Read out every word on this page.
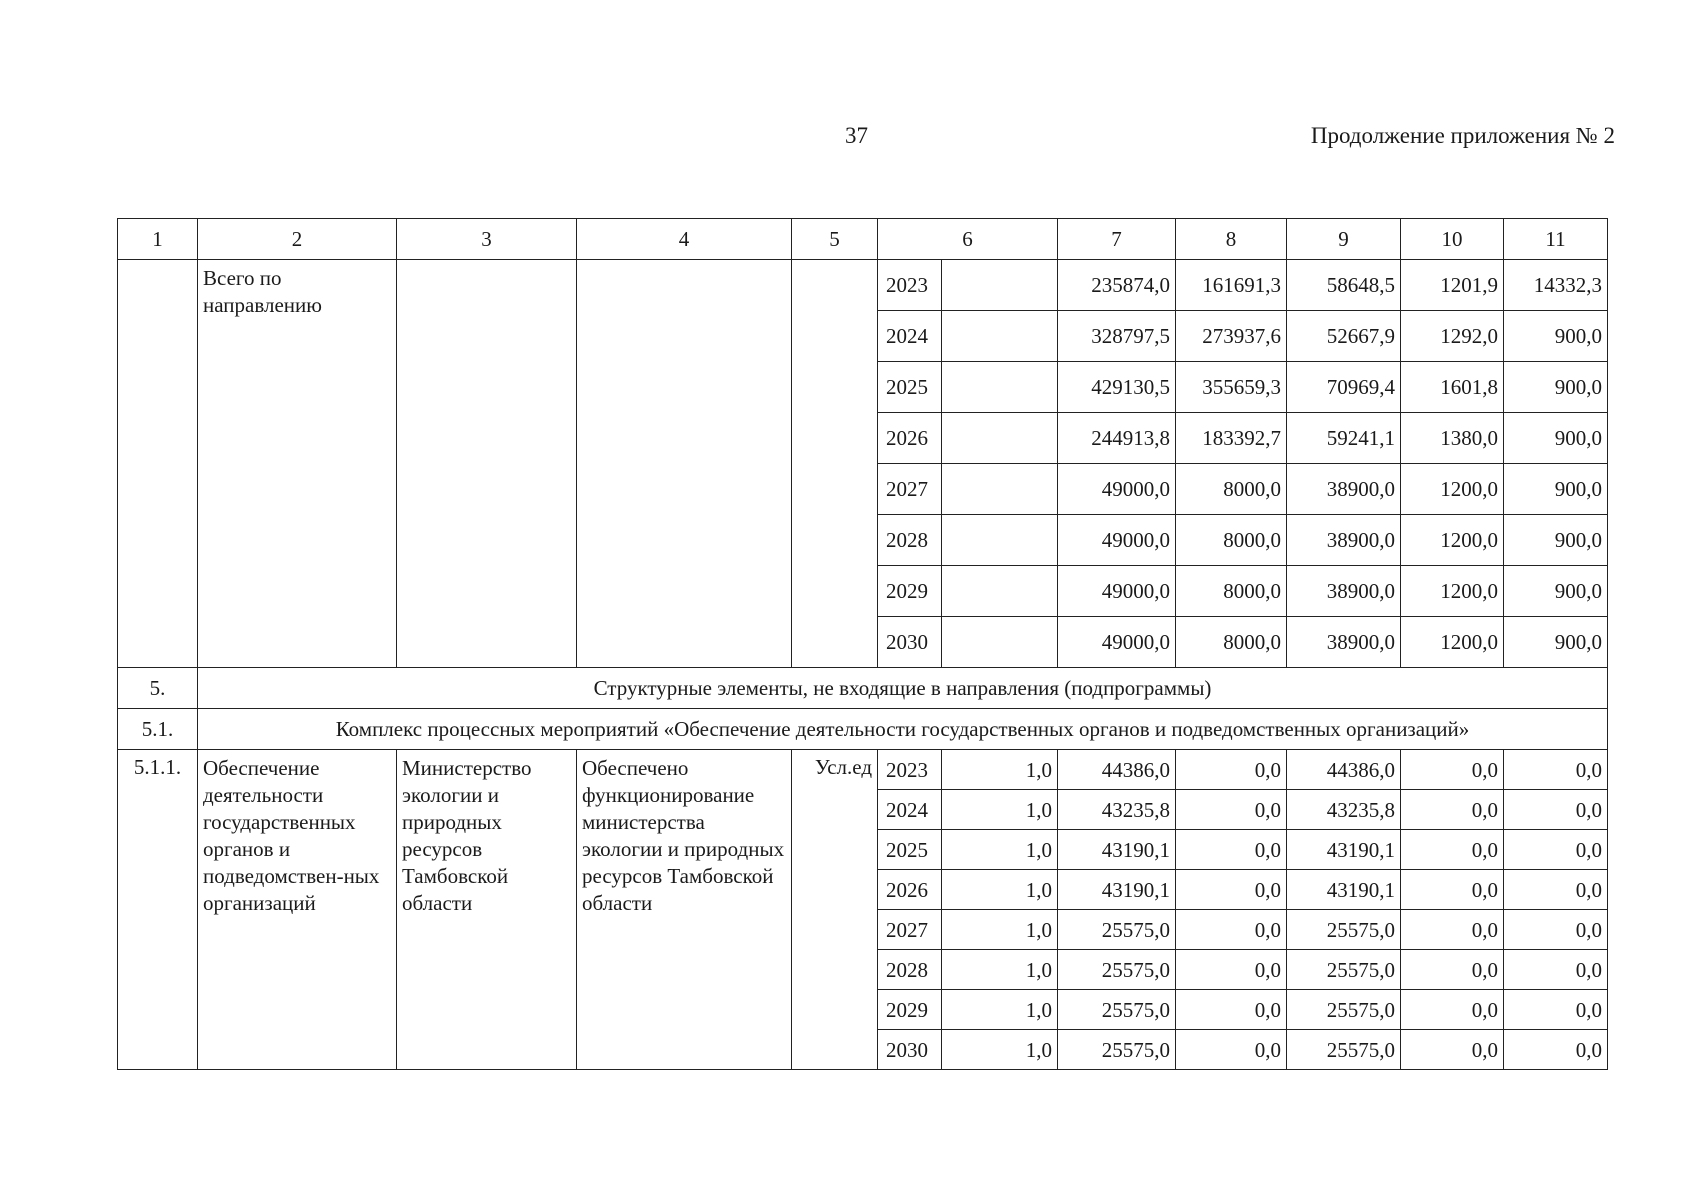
37	Продолжение приложения № 2
1	2	3	4	5	6		7	8	9	10	11
	Всего по направлению				2023		235874,0	161691,3	58648,5	1201,9	14332,3
					2024		328797,5	273937,6	52667,9	1292,0	900,0
					2025		429130,5	355659,3	70969,4	1601,8	900,0
					2026		244913,8	183392,7	59241,1	1380,0	900,0
					2027		49000,0	8000,0	38900,0	1200,0	900,0
					2028		49000,0	8000,0	38900,0	1200,0	900,0
					2029		49000,0	8000,0	38900,0	1200,0	900,0
					2030		49000,0	8000,0	38900,0	1200,0	900,0
5.	Структурные элементы, не входящие в направления (подпрограммы)										
5.1.	Комплекс процессных мероприятий «Обеспечение деятельности государственных органов и подведомственных организаций»										
5.1.1.	Обеспечение деятельности государственных органов и подведомствен-ных организаций	Министерство экологии и природных ресурсов Тамбовской области	Обеспечено функционирование министерства экологии и природных ресурсов Тамбовской области	Усл.ед	2023	1,0	44386,0	0,0	44386,0	0,0	0,0
					2024	1,0	43235,8	0,0	43235,8	0,0	0,0
					2025	1,0	43190,1	0,0	43190,1	0,0	0,0
					2026	1,0	43190,1	0,0	43190,1	0,0	0,0
					2027	1,0	25575,0	0,0	25575,0	0,0	0,0
					2028	1,0	25575,0	0,0	25575,0	0,0	0,0
					2029	1,0	25575,0	0,0	25575,0	0,0	0,0
					2030	1,0	25575,0	0,0	25575,0	0,0	0,0
